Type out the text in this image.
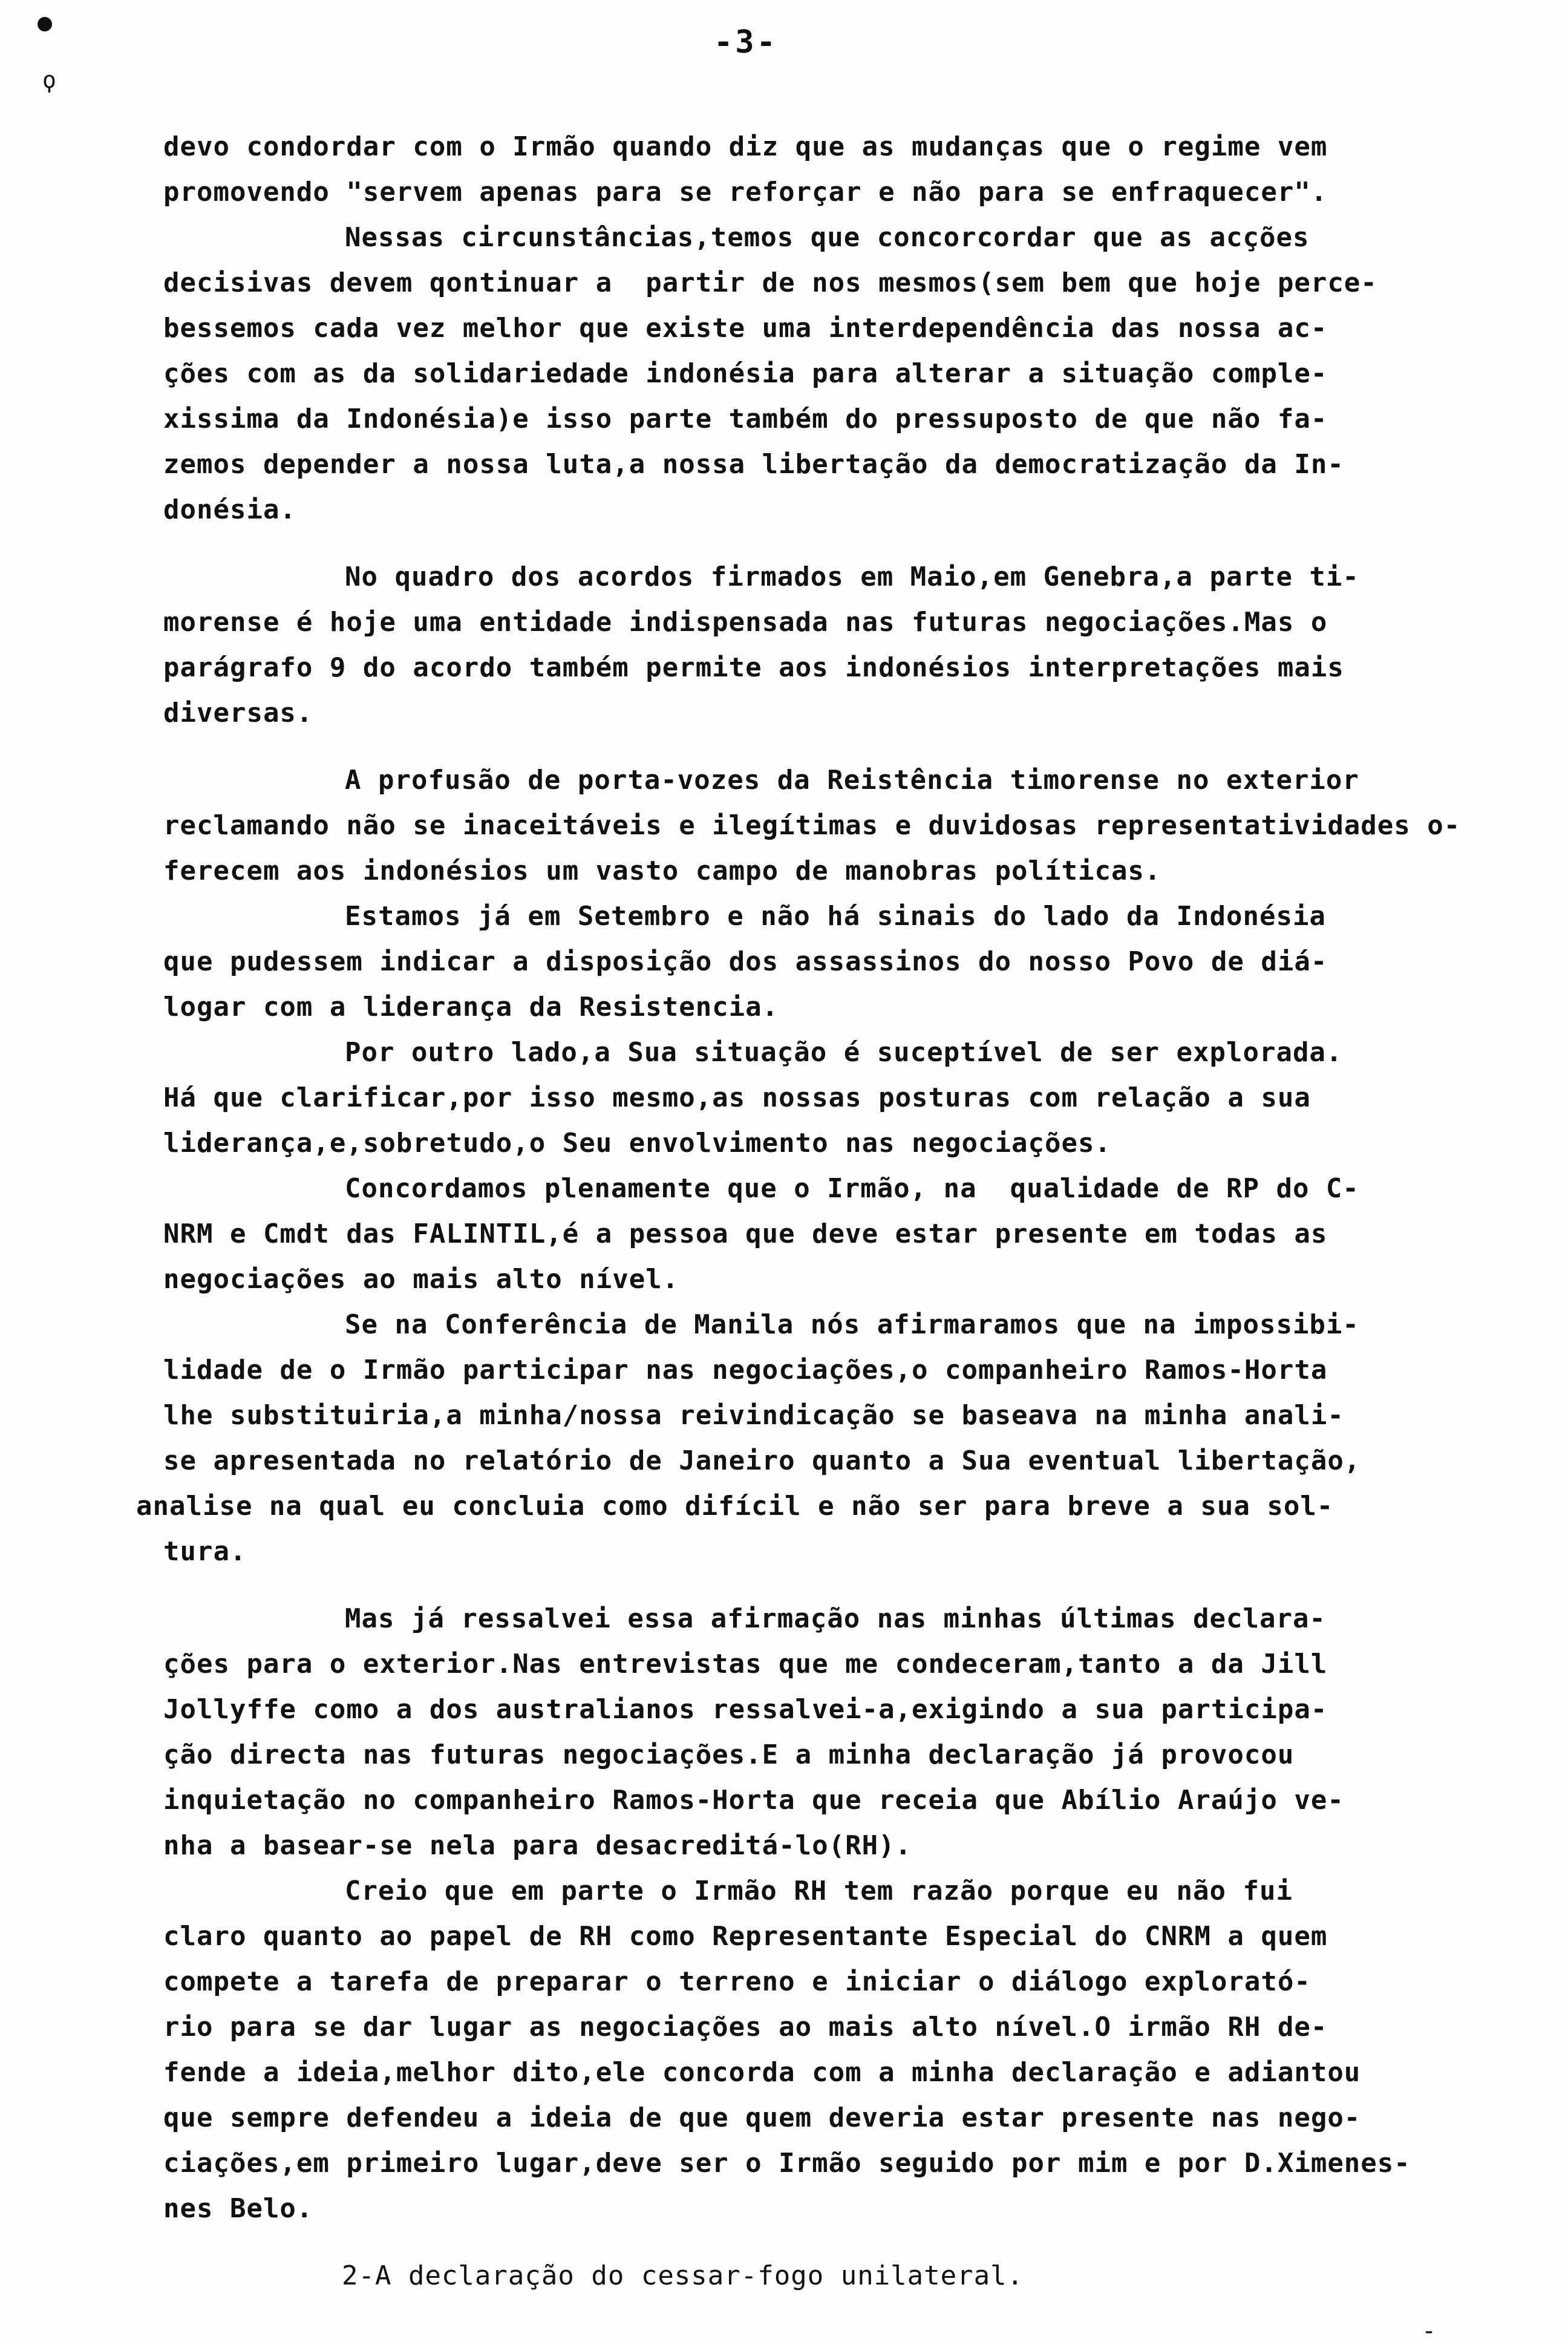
ϙ
-3-
devo condordar com o Irmão quando diz que as mudanças que o regime vem
promovendo "servem apenas para se reforçar e não para se enfraquecer".
Nessas circunstâncias,temos que concorcordar que as acções
decisivas devem qontinuar a  partir de nos mesmos(sem bem que hoje perce-
bessemos cada vez melhor que existe uma interdependência das nossa ac-
ções com as da solidariedade indonésia para alterar a situação comple-
xissima da Indonésia)e isso parte também do pressuposto de que não fa-
zemos depender a nossa luta,a nossa libertação da democratização da In-
donésia.
No quadro dos acordos firmados em Maio,em Genebra,a parte ti-
morense é hoje uma entidade indispensada nas futuras negociações.Mas o
parágrafo 9 do acordo também permite aos indonésios interpretações mais
diversas.
A profusão de porta-vozes da Reistência timorense no exterior
reclamando não se inaceitáveis e ilegítimas e duvidosas representatividades o-
ferecem aos indonésios um vasto campo de manobras políticas.
Estamos já em Setembro e não há sinais do lado da Indonésia
que pudessem indicar a disposição dos assassinos do nosso Povo de diá-
logar com a liderança da Resistencia.
Por outro lado,a Sua situação é suceptível de ser explorada.
Há que clarificar,por isso mesmo,as nossas posturas com relação a sua
liderança,e,sobretudo,o Seu envolvimento nas negociações.
Concordamos plenamente que o Irmão, na  qualidade de RP do C-
NRM e Cmdt das FALINTIL,é a pessoa que deve estar presente em todas as
negociações ao mais alto nível.
Se na Conferência de Manila nós afirmaramos que na impossibi-
lidade de o Irmão participar nas negociações,o companheiro Ramos-Horta
lhe substituiria,a minha/nossa reivindicação se baseava na minha anali-
se apresentada no relatório de Janeiro quanto a Sua eventual libertação,
analise na qual eu concluia como difícil e não ser para breve a sua sol-
tura.
Mas já ressalvei essa afirmação nas minhas últimas declara-
ções para o exterior.Nas entrevistas que me condeceram,tanto a da Jill
Jollyffe como a dos australianos ressalvei-a,exigindo a sua participa-
ção directa nas futuras negociações.E a minha declaração já provocou
inquietação no companheiro Ramos-Horta que receia que Abílio Araújo ve-
nha a basear-se nela para desacreditá-lo(RH).
Creio que em parte o Irmão RH tem razão porque eu não fui
claro quanto ao papel de RH como Representante Especial do CNRM a quem
compete a tarefa de preparar o terreno e iniciar o diálogo explorató-
rio para se dar lugar as negociações ao mais alto nível.O irmão RH de-
fende a ideia,melhor dito,ele concorda com a minha declaração e adiantou
que sempre defendeu a ideia de que quem deveria estar presente nas nego-
ciações,em primeiro lugar,deve ser o Irmão seguido por mim e por D.Ximenes-
nes Belo.
2-A declaração do cessar-fogo unilateral.
-
